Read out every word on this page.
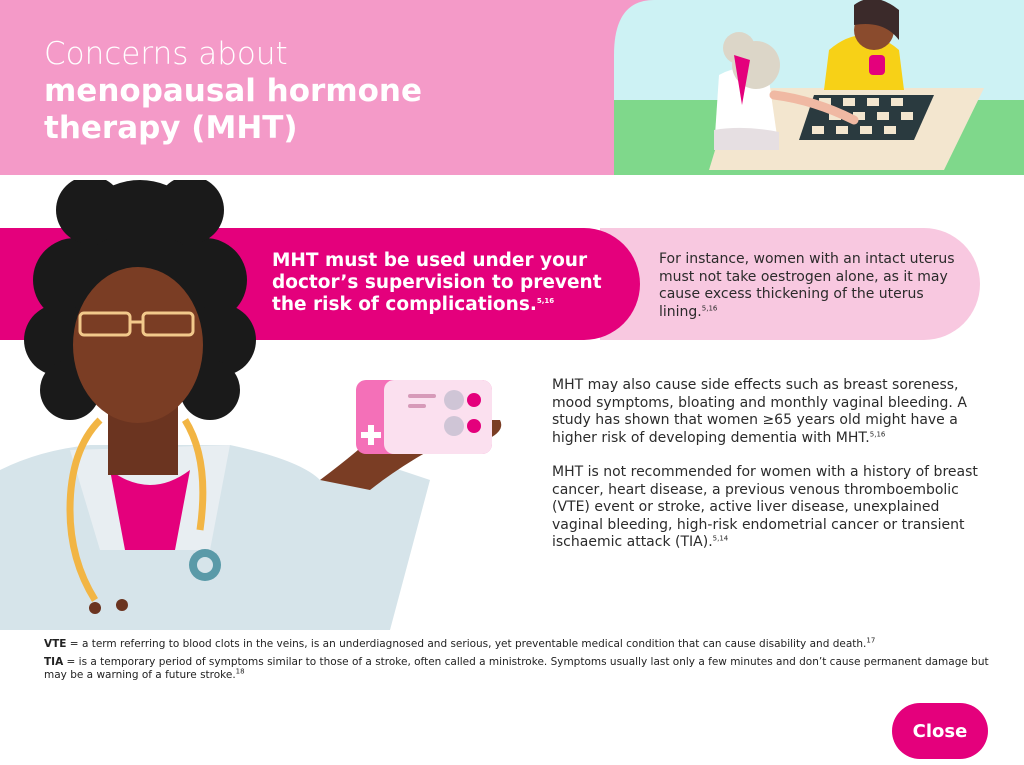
Concerns about
menopausal hormone
therapy (MHT)
MHT must be used under your doctor’s supervision to prevent the risk of complications.$^{5,16}$
For instance, women with an intact uterus must not take oestrogen alone, as it may cause excess thickening of the uterus lining.$^{5,16}$

MHT may also cause side effects such as breast soreness, mood symptoms, bloating and monthly vaginal bleeding. A study has shown that women ≥65 years old might have a higher risk of developing dementia with MHT.$^{5,16}$

MHT is not recommended for women with a history of breast cancer, heart disease, a previous venous thromboembolic (VTE) event or stroke, active liver disease, unexplained vaginal bleeding, high-risk endometrial cancer or transient ischaemic attack (TIA).$^{5,14}$

VTE = a term referring to blood clots in the veins, is an underdiagnosed and serious, yet preventable medical condition that can cause disability and death.$^{17}$

TIA = is a temporary period of symptoms similar to those of a stroke, often called a ministroke. Symptoms usually last only a few minutes and don’t cause permanent damage but may be a warning of a future stroke.$^{18}$

Close
